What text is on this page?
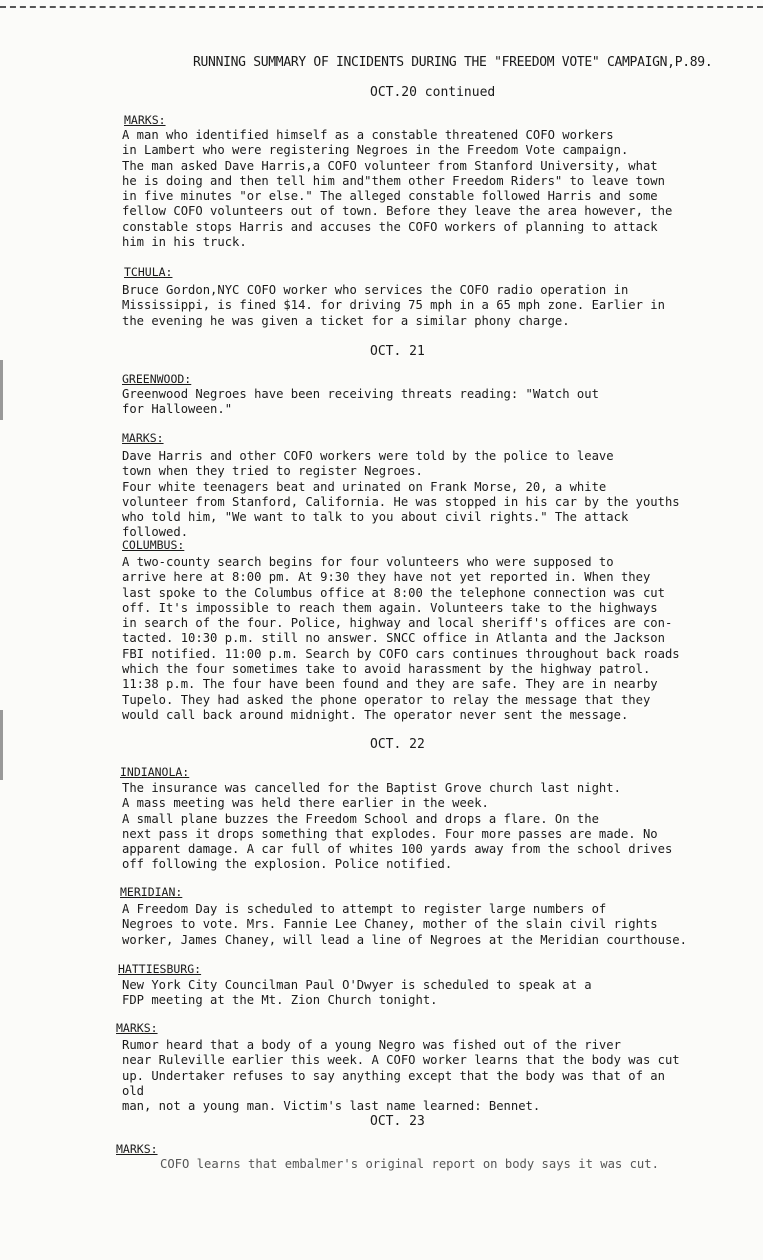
RUNNING SUMMARY OF INCIDENTS DURING THE "FREEDOM VOTE" CAMPAIGN,P.89.
OCT.20 continued
MARKS:
A man who identified himself as a constable threatened COFO workers
in Lambert who were registering Negroes in the Freedom Vote campaign.
The man asked Dave Harris,a COFO volunteer from Stanford University, what
he is doing and then tell him and"them other Freedom Riders" to leave town
in five minutes "or else." The alleged constable followed Harris and some
fellow COFO volunteers out of town. Before they leave the area however, the
constable stops Harris and accuses the COFO workers of planning to attack
him in his truck.
TCHULA:
Bruce Gordon,NYC COFO worker who services the COFO radio operation in
Mississippi, is fined $14. for driving 75 mph in a 65 mph zone. Earlier in
the evening he was given a ticket for a similar phony charge.
OCT. 21
GREENWOOD:
Greenwood Negroes have been receiving threats reading: "Watch out
for Halloween."
MARKS:
Dave Harris and other COFO workers were told by the police to leave
town when they tried to register Negroes.
Four white teenagers beat and urinated on Frank Morse, 20, a white
volunteer from Stanford, California. He was stopped in his car by the youths
who told him, "We want to talk to you about civil rights." The attack followed.
COLUMBUS:
A two-county search begins for four volunteers who were supposed to
arrive here at 8:00 pm. At 9:30 they have not yet reported in. When they
last spoke to the Columbus office at 8:00 the telephone connection was cut
off. It's impossible to reach them again. Volunteers take to the highways
in search of the four. Police, highway and local sheriff's offices are con-
tacted. 10:30 p.m. still no answer. SNCC office in Atlanta and the Jackson
FBI notified. 11:00 p.m. Search by COFO cars continues throughout back roads
which the four sometimes take to avoid harassment by the highway patrol.
11:38 p.m. The four have been found and they are safe. They are in nearby
Tupelo. They had asked the phone operator to relay the message that they
would call back around midnight. The operator never sent the message.
OCT. 22
INDIANOLA:
The insurance was cancelled for the Baptist Grove church last night.
A mass meeting was held there earlier in the week.
A small plane buzzes the Freedom School and drops a flare. On the
next pass it drops something that explodes. Four more passes are made. No
apparent damage. A car full of whites 100 yards away from the school drives
off following the explosion. Police notified.
MERIDIAN:
A Freedom Day is scheduled to attempt to register large numbers of
Negroes to vote. Mrs. Fannie Lee Chaney, mother of the slain civil rights
worker, James Chaney, will lead a line of Negroes at the Meridian courthouse.
HATTIESBURG:
New York City Councilman Paul O'Dwyer is scheduled to speak at a
FDP meeting at the Mt. Zion Church tonight.
MARKS:
Rumor heard that a body of a young Negro was fished out of the river
near Ruleville earlier this week. A COFO worker learns that the body was cut
up. Undertaker refuses to say anything except that the body was that of an old
man, not a young man. Victim's last name learned: Bennet.
OCT. 23
MARKS:
COFO learns that embalmer's original report on body says it was cut.
